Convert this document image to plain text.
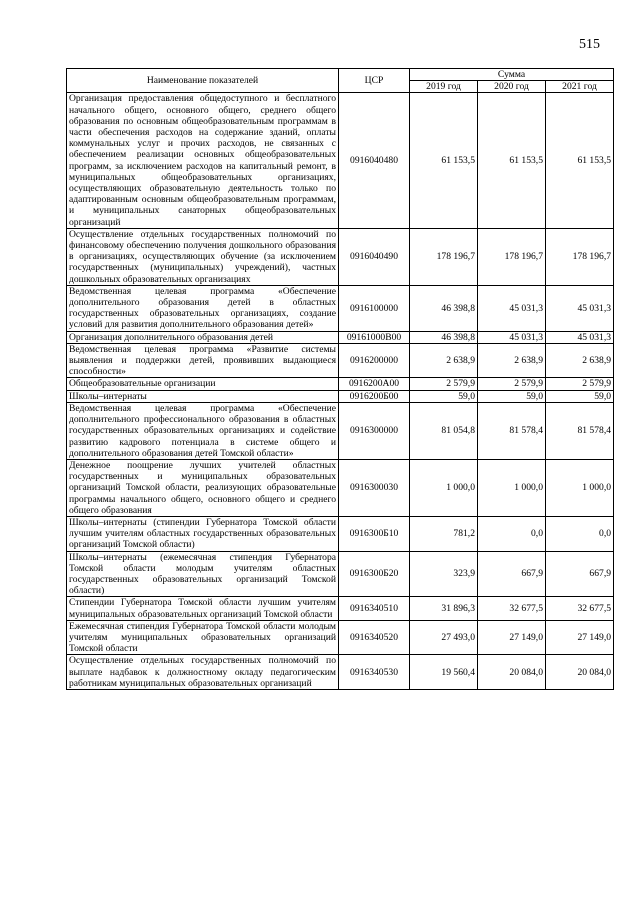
515
Наименование показателей	ЦСР	Сумма		
		2019 год	2020 год	2021 год
Организация предоставления общедоступного и бесплатного начального общего, основного общего, среднего общего образования по основным общеобразовательным программам в части обеспечения расходов на содержание зданий, оплаты коммунальных услуг и прочих расходов, не связанных с обеспечением реализации основных общеобразовательных программ, за исключением расходов на капитальный ремонт, в муниципальных общеобразовательных организациях, осуществляющих образовательную деятельность только по адаптированным основным общеобразовательным программам, и муниципальных санаторных общеобразовательных организаций	0916040480	61 153,5	61 153,5	61 153,5
Осуществление отдельных государственных полномочий по финансовому обеспечению получения дошкольного образования в организациях, осуществляющих обучение (за исключением государственных (муниципальных) учреждений), частных дошкольных образовательных организациях	0916040490	178 196,7	178 196,7	178 196,7
Ведомственная целевая программа «Обеспечение дополнительного образования детей в областных государственных образовательных организациях, создание условий для развития дополнительного образования детей»	0916100000	46 398,8	45 031,3	45 031,3
Организация дополнительного образования детей	09161000В00	46 398,8	45 031,3	45 031,3
Ведомственная целевая программа «Развитие системы выявления и поддержки детей, проявивших выдающиеся способности»	0916200000	2 638,9	2 638,9	2 638,9
Общеобразовательные организации	0916200А00	2 579,9	2 579,9	2 579,9
Школы–интернаты	0916200Б00	59,0	59,0	59,0
Ведомственная целевая программа «Обеспечение дополнительного профессионального образования в областных государственных образовательных организациях и содействие развитию кадрового потенциала в системе общего и дополнительного образования детей Томской области»	0916300000	81 054,8	81 578,4	81 578,4
Денежное поощрение лучших учителей областных государственных и муниципальных образовательных организаций Томской области, реализующих образовательные программы начального общего, основного общего и среднего общего образования	0916300030	1 000,0	1 000,0	1 000,0
Школы–интернаты (стипендии Губернатора Томской области лучшим учителям областных государственных образовательных организаций Томской области)	0916300Б10	781,2	0,0	0,0
Школы–интернаты (ежемесячная стипендия Губернатора Томской области молодым учителям областных государственных образовательных организаций Томской области)	0916300Б20	323,9	667,9	667,9
Стипендии Губернатора Томской области лучшим учителям муниципальных образовательных организаций Томской области	0916340510	31 896,3	32 677,5	32 677,5
Ежемесячная стипендия Губернатора Томской области молодым учителям муниципальных образовательных организаций Томской области	0916340520	27 493,0	27 149,0	27 149,0
Осуществление отдельных государственных полномочий по выплате надбавок к должностному окладу педагогическим работникам муниципальных образовательных организаций	0916340530	19 560,4	20 084,0	20 084,0
